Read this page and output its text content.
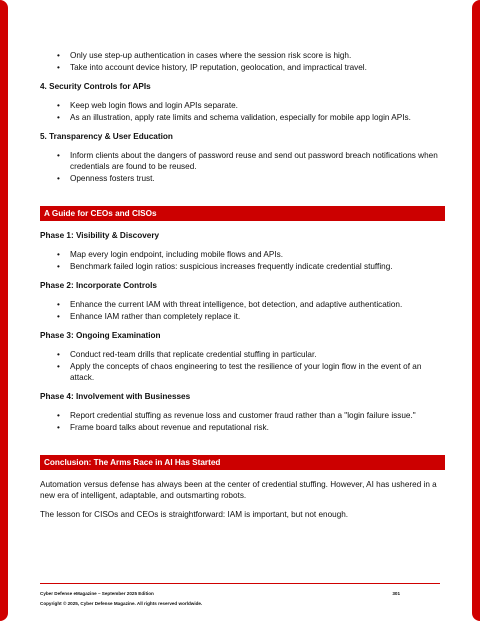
• Only use step-up authentication in cases where the session risk score is high.
• Take into account device history, IP reputation, geolocation, and impractical travel.
4. Security Controls for APIs
• Keep web login flows and login APIs separate.
• As an illustration, apply rate limits and schema validation, especially for mobile app login APIs.
5. Transparency & User Education
• Inform clients about the dangers of password reuse and send out password breach notifications when credentials are found to be reused.
• Openness fosters trust.
A Guide for CEOs and CISOs
Phase 1: Visibility & Discovery
• Map every login endpoint, including mobile flows and APIs.
• Benchmark failed login ratios: suspicious increases frequently indicate credential stuffing.
Phase 2: Incorporate Controls
• Enhance the current IAM with threat intelligence, bot detection, and adaptive authentication.
• Enhance IAM rather than completely replace it.
Phase 3: Ongoing Examination
• Conduct red-team drills that replicate credential stuffing in particular.
• Apply the concepts of chaos engineering to test the resilience of your login flow in the event of an attack.
Phase 4: Involvement with Businesses
• Report credential stuffing as revenue loss and customer fraud rather than a "login failure issue."
• Frame board talks about revenue and reputational risk.
Conclusion: The Arms Race in AI Has Started

Automation versus defense has always been at the center of credential stuffing. However, AI has ushered in a new era of intelligent, adaptable, and outsmarting robots.

The lesson for CISOs and CEOs is straightforward: IAM is important, but not enough.

Cyber Defense eMagazine – September 2025 Edition	301
Copyright © 2025, Cyber Defense Magazine. All rights reserved worldwide.
